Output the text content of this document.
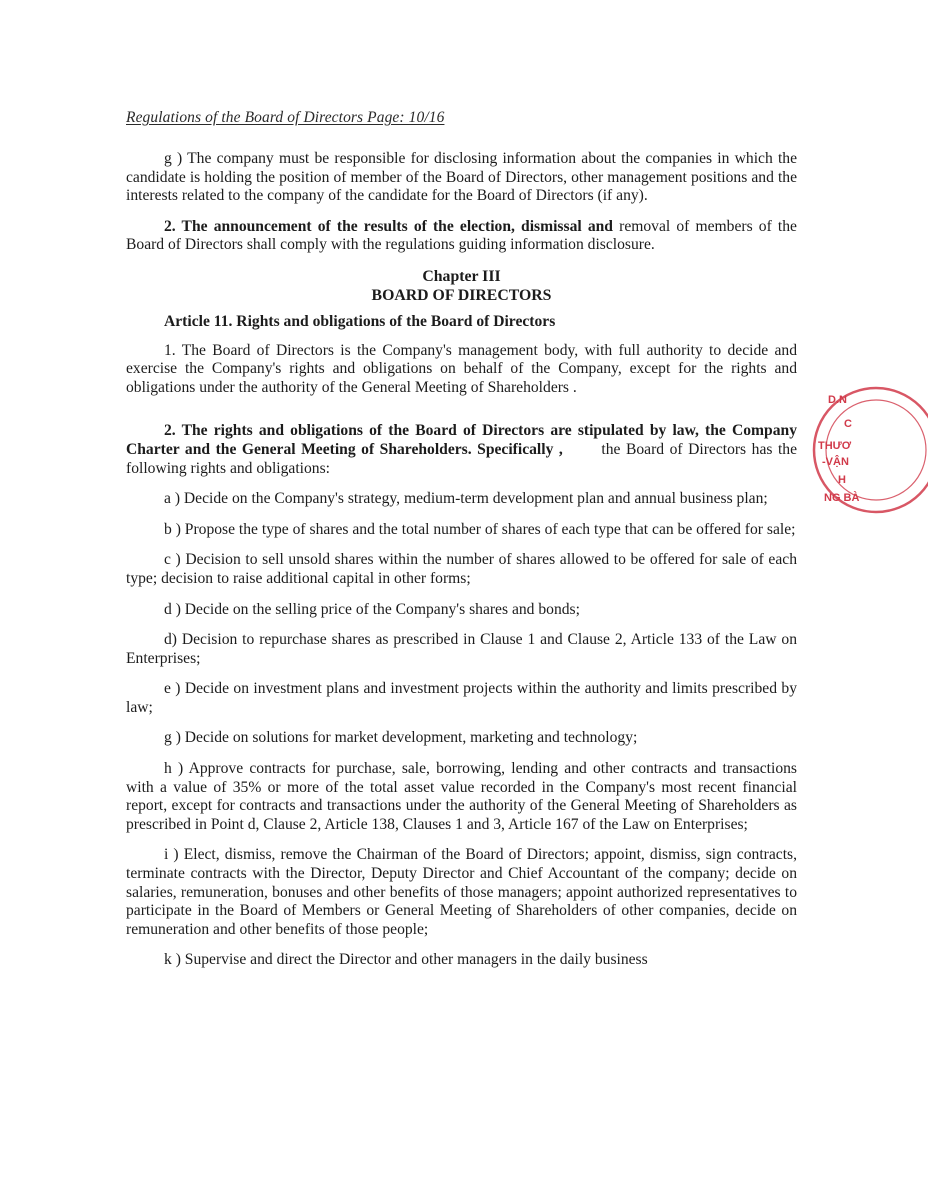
Regulations of the Board of Directors Page: 10/16

g ) The company must be responsible for disclosing information about the companies in which the candidate is holding the position of member of the Board of Directors, other management positions and the interests related to the company of the candidate for the Board of Directors (if any).

2. The announcement of the results of the election, dismissal and removal of members of the Board of Directors shall comply with the regulations guiding information disclosure.

Chapter III

BOARD OF DIRECTORS

Article 11. Rights and obligations of the Board of Directors

1. The Board of Directors is the Company's management body, with full authority to decide and exercise the Company's rights and obligations on behalf of the Company, except for the rights and obligations under the authority of the General Meeting of Shareholders .

2. The rights and obligations of the Board of Directors are stipulated by law, the Company Charter and the General Meeting of Shareholders. Specifically ,       the Board of Directors has the following rights and obligations:

a ) Decide on the Company's strategy, medium-term development plan and annual business plan;

b ) Propose the type of shares and the total number of shares of each type that can be offered for sale;

c ) Decision to sell unsold shares within the number of shares allowed to be offered for sale of each type; decision to raise additional capital in other forms;

d ) Decide on the selling price of the Company's shares and bonds;

d) Decision to repurchase shares as prescribed in Clause 1 and Clause 2, Article 133 of the Law on Enterprises;

e ) Decide on investment plans and investment projects within the authority and limits prescribed by law;

g ) Decide on solutions for market development, marketing and technology;

h ) Approve contracts for purchase, sale, borrowing, lending and other contracts and transactions with a value of 35% or more of the total asset value recorded in the Company's most recent financial report, except for contracts and transactions under the authority of the General Meeting of Shareholders as prescribed in Point d, Clause 2, Article 138, Clauses 1 and 3, Article 167 of the Law on Enterprises;

i ) Elect, dismiss, remove the Chairman of the Board of Directors; appoint, dismiss, sign contracts, terminate contracts with the Director, Deputy Director and Chief Accountant of the company; decide on salaries, remuneration, bonuses and other benefits of those managers; appoint authorized representatives to participate in the Board of Members or General Meeting of Shareholders of other companies, decide on remuneration and other benefits of those people;

k ) Supervise and direct the Director and other managers in the daily business

D.N
C
THƯƠ
-VẬN
H
NG BÀ
